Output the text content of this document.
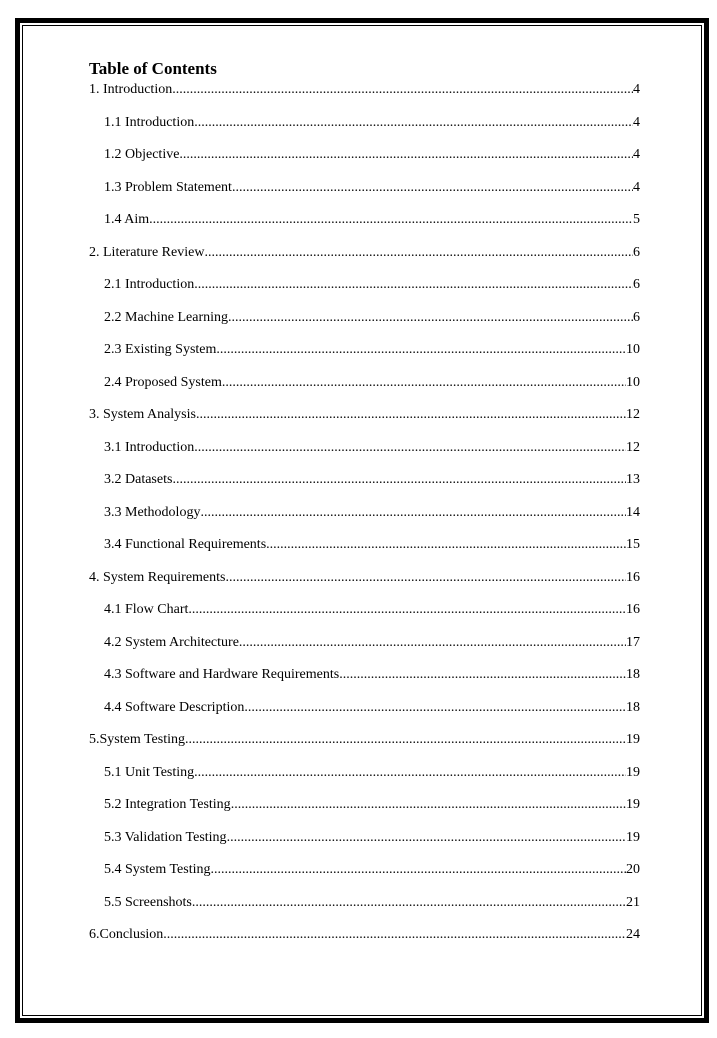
Table of Contents
1. Introduction .....	4
1.1 Introduction .....	4
1.2 Objective .....	4
1.3 Problem Statement .....	4
1.4 Aim .....	5
2. Literature Review .....	6
2.1 Introduction .....	6
2.2 Machine Learning .....	6
2.3 Existing System .....	10
2.4 Proposed System .....	10
3. System Analysis .....	12
3.1 Introduction .....	12
3.2 Datasets .....	13
3.3 Methodology .....	14
3.4 Functional Requirements .....	15
4. System Requirements .....	16
4.1 Flow Chart .....	16
4.2 System Architecture .....	17
4.3 Software and Hardware Requirements .....	18
4.4 Software Description .....	18
5.System Testing .....	19
5.1 Unit Testing .....	19
5.2 Integration Testing .....	19
5.3 Validation Testing .....	19
5.4 System Testing .....	20
5.5 Screenshots .....	21
6.Conclusion .....	24
